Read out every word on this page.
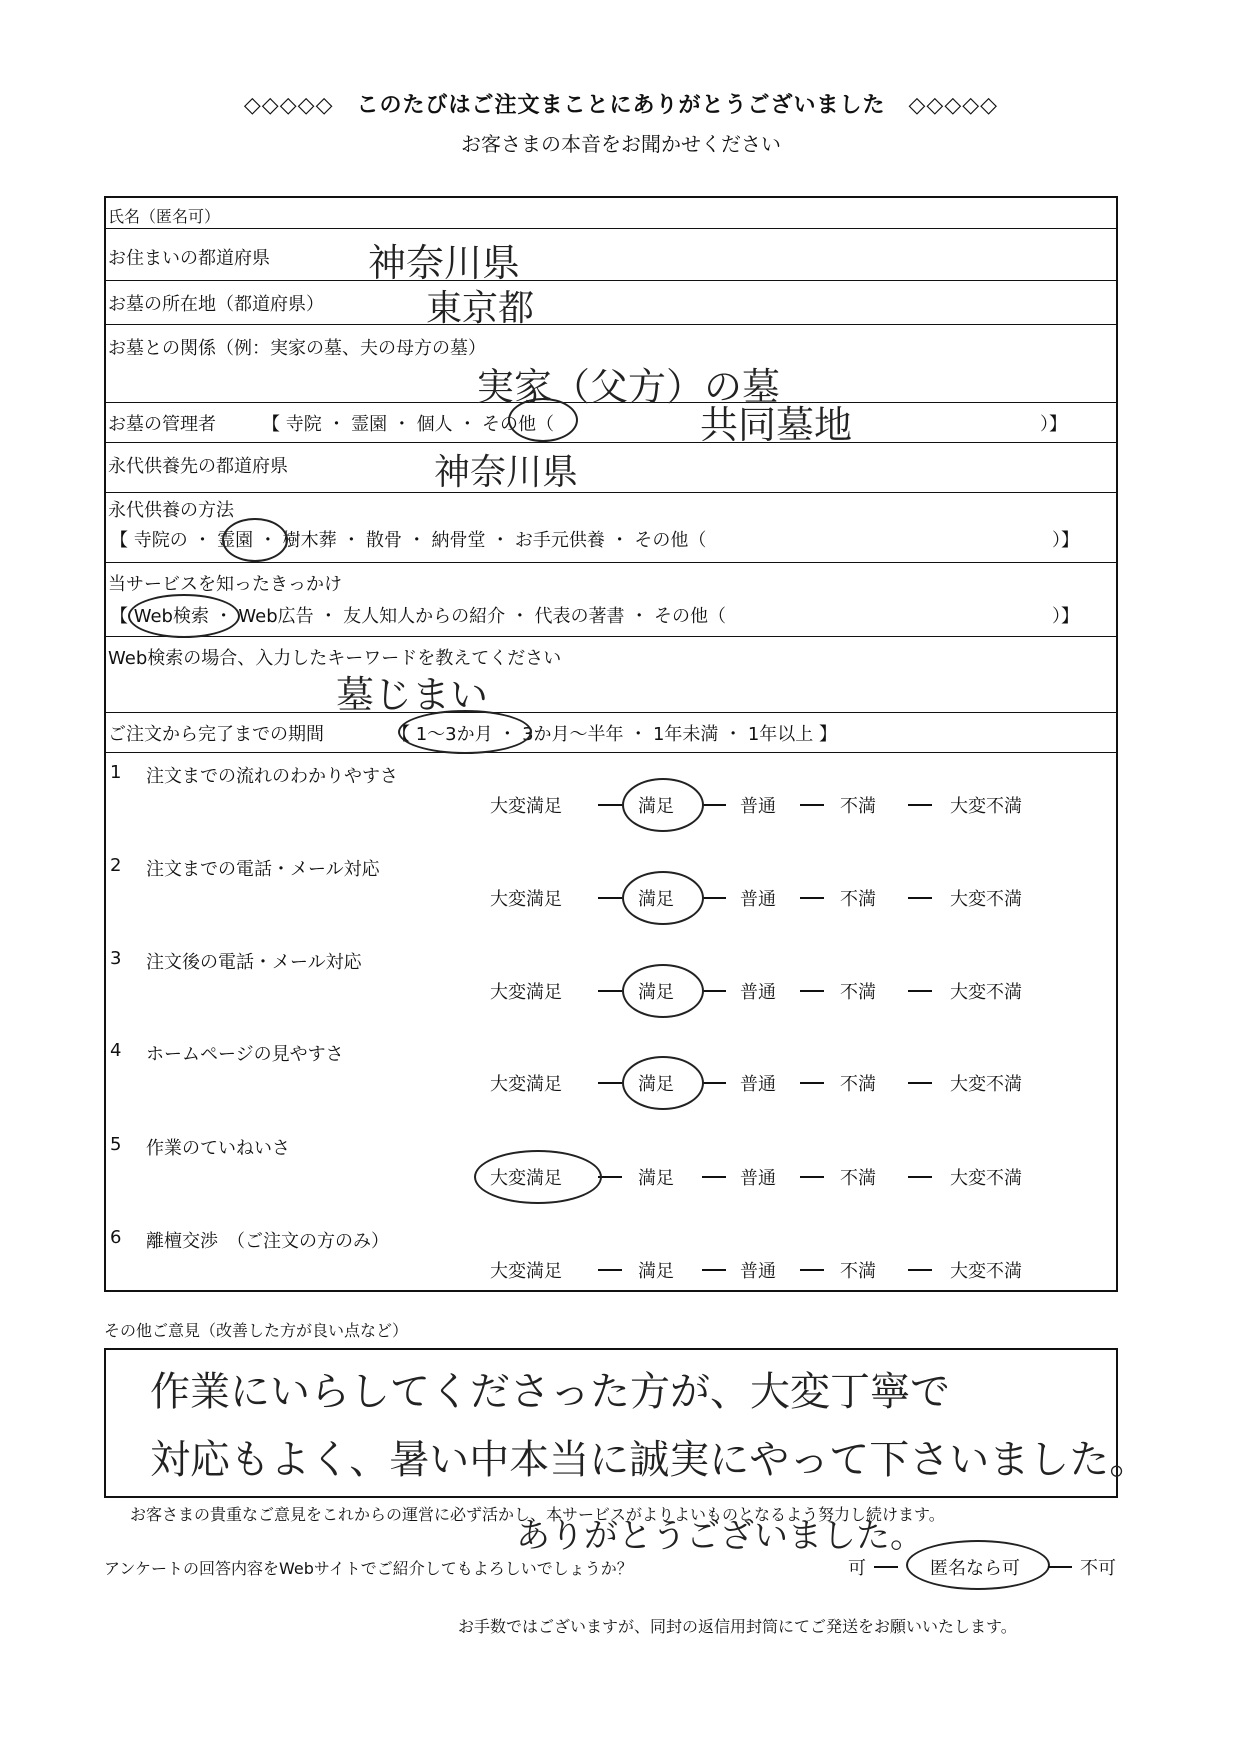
◇◇◇◇◇　このたびはご注文まことにありがとうございました　◇◇◇◇◇
お客さまの本音をお聞かせください
氏名（匿名可）
お住まいの都道府県	神奈川県
お墓の所在地（都道府県）	東京都
お墓との関係（例：実家の墓、夫の母方の墓）
実家（父方）の墓
お墓の管理者	【 寺院 ・ 霊園 ・ 個人 ・ その他（	共同墓地	）】
永代供養先の都道府県	神奈川県
永代供養の方法
【 寺院の ・ 霊園 ・ 樹木葬 ・ 散骨 ・ 納骨堂 ・ お手元供養 ・ その他（	）】
当サービスを知ったきっかけ
【 Web検索 ・ Web広告 ・ 友人知人からの紹介 ・ 代表の著書 ・ その他（	）】
Web検索の場合、入力したキーワードを教えてください
墓じまい
ご注文から完了までの期間	【 1～3か月 ・ 3か月～半年 ・ 1年未満 ・ 1年以上 】
1 注文までの流れのわかりやすさ
大変満足	満足	普通	不満	大変不満
2 注文までの電話・メール対応
大変満足	満足	普通	不満	大変不満
3 注文後の電話・メール対応
大変満足	満足	普通	不満	大変不満
4 ホームページの見やすさ
大変満足	満足	普通	不満	大変不満
5 作業のていねいさ
大変満足	満足	普通	不満	大変不満
6 離檀交渉　（ご注文の方のみ）
大変満足	満足	普通	不満	大変不満
その他ご意見（改善した方が良い点など）
作業にいらしてくださった方が、大変丁寧で
対応もよく、暑い中本当に誠実にやって下さいました。
お客さまの貴重なご意見をこれからの運営に必ず活かし、本サービスがよりよいものとなるよう努力し続けます。
ありがとうございました。
アンケートの回答内容をWebサイトでご紹介してもよろしいでしょうか？	可	匿名なら可	不可
お手数ではございますが、同封の返信用封筒にてご発送をお願いいたします。
